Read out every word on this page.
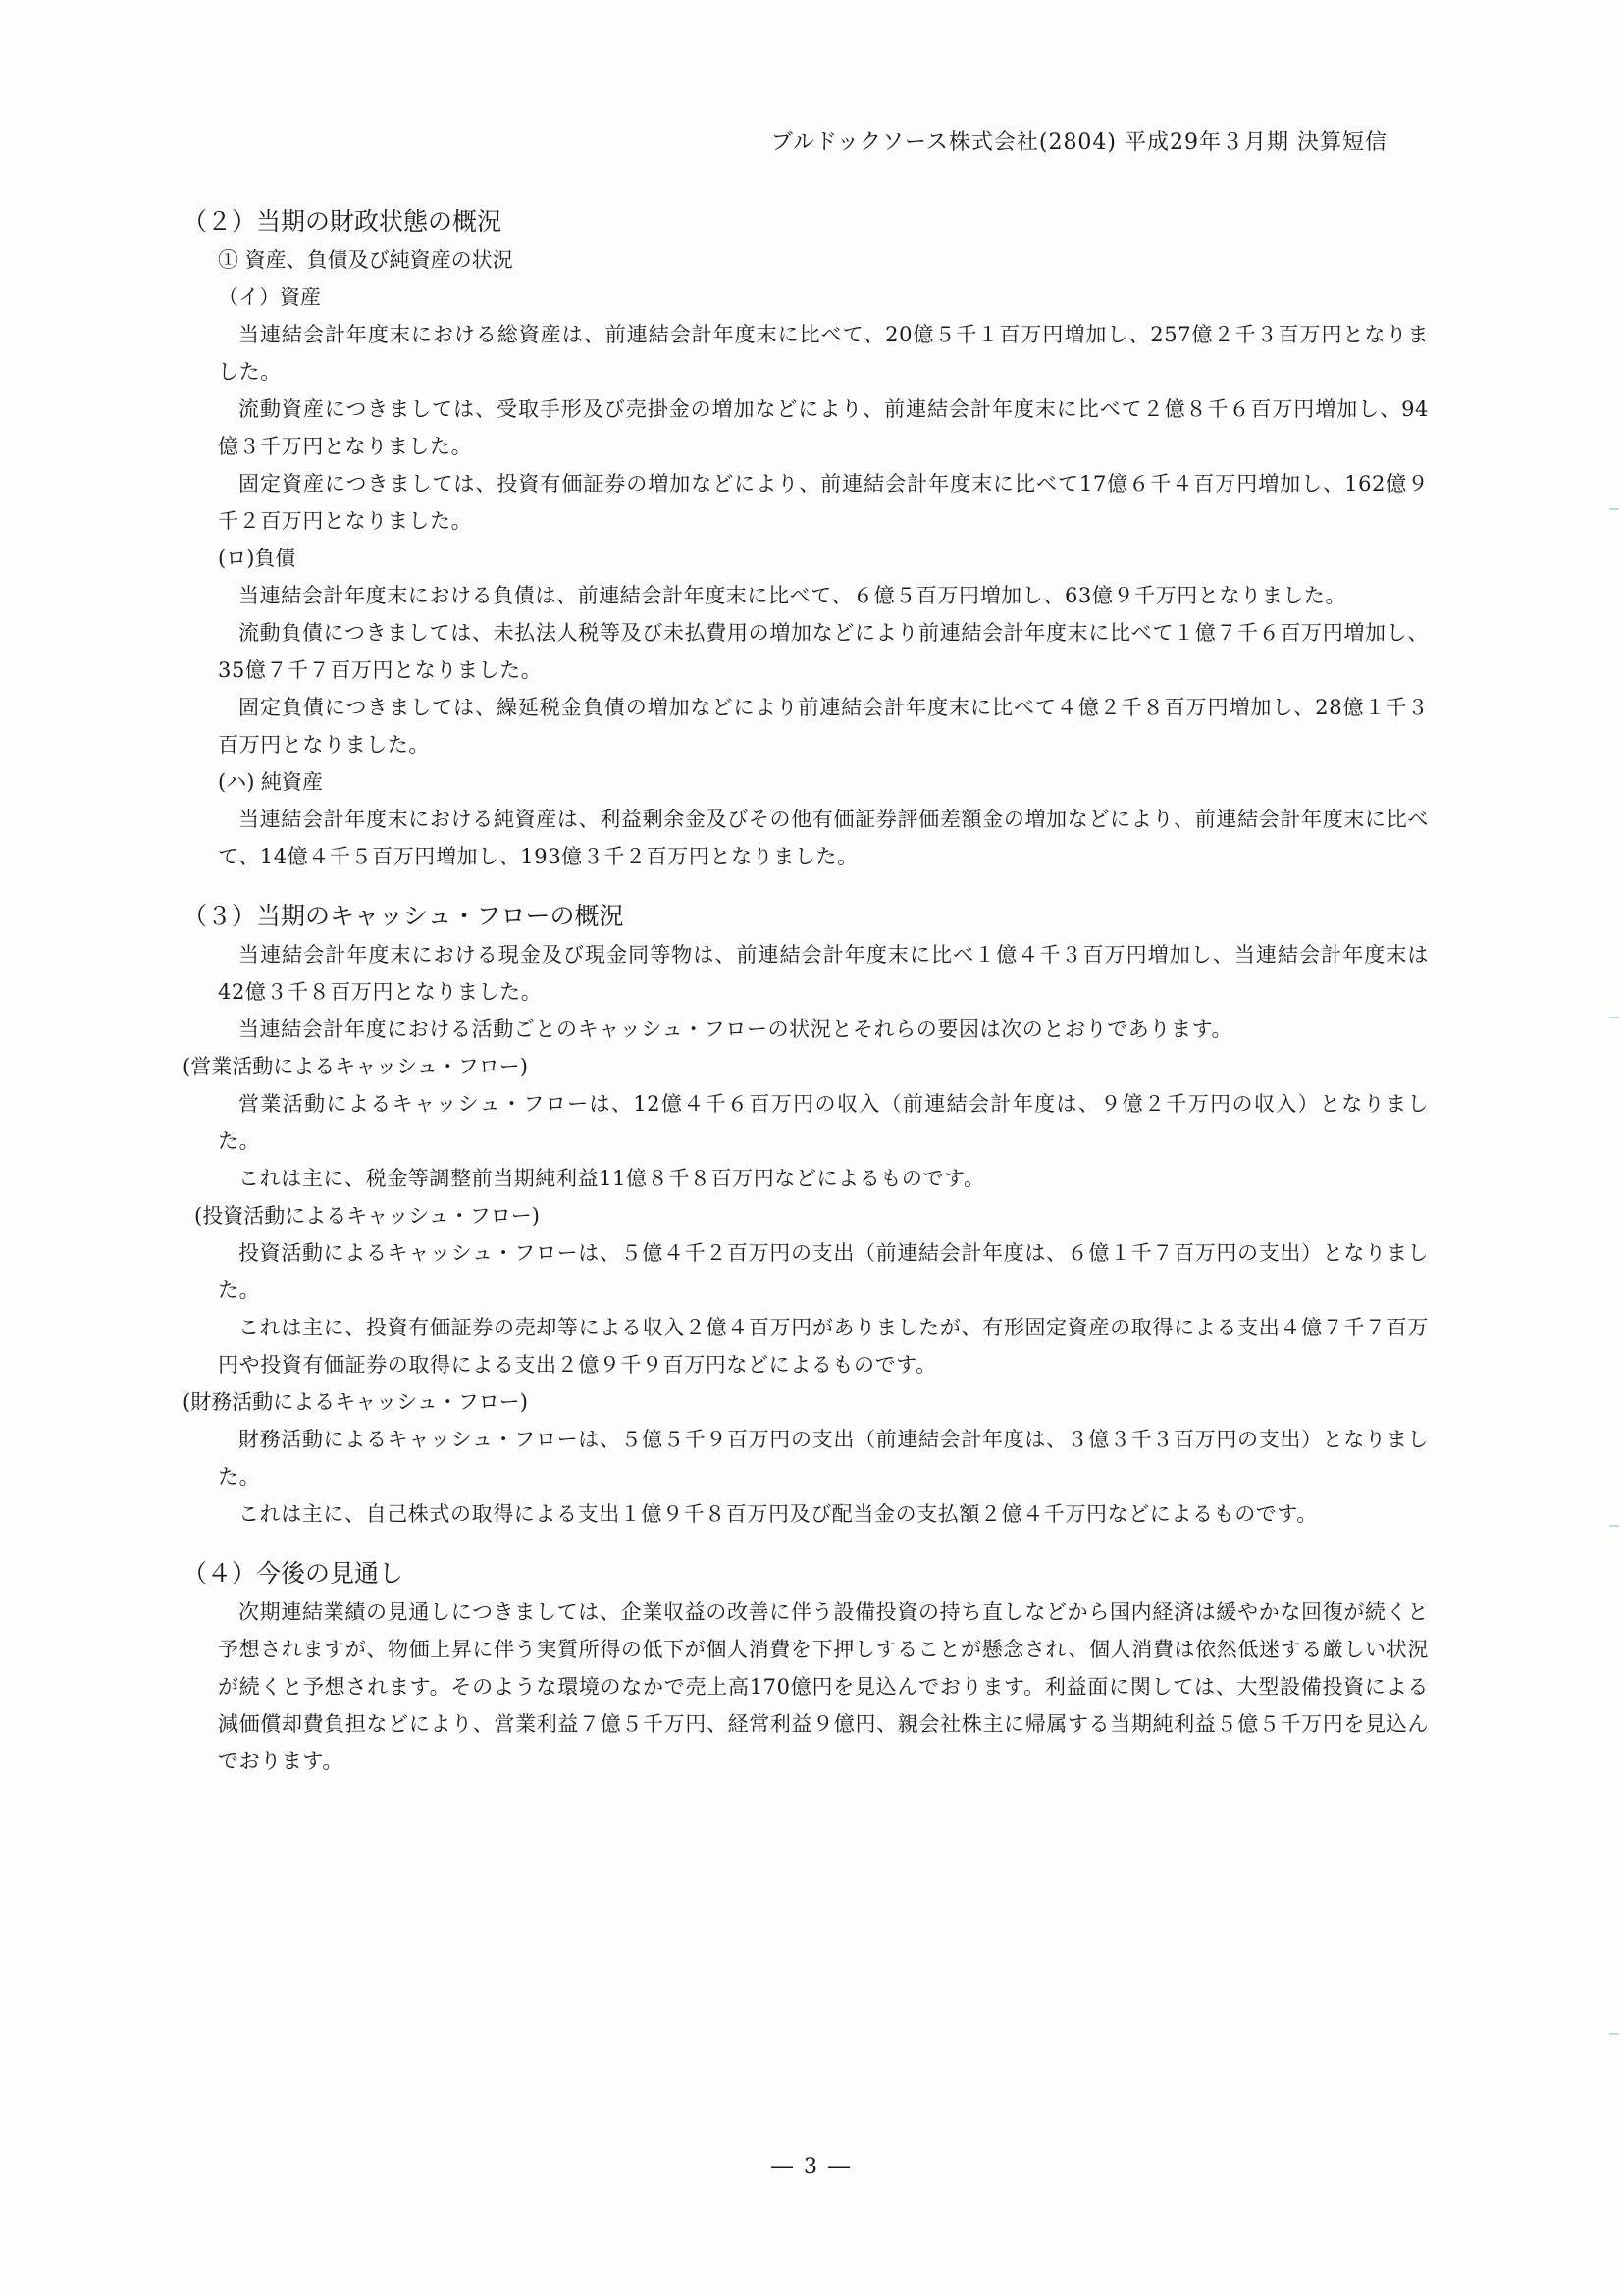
ブルドックソース株式会社(2804) 平成29年３月期 決算短信

（２）当期の財政状態の概況

① 資産、負債及び純資産の状況

（イ）資産

当連結会計年度末における総資産は、前連結会計年度末に比べて、20億５千１百万円増加し、257億２千３百万円となりました。

流動資産につきましては、受取手形及び売掛金の増加などにより、前連結会計年度末に比べて２億８千６百万円増加し、94億３千万円となりました。

固定資産につきましては、投資有価証券の増加などにより、前連結会計年度末に比べて17億６千４百万円増加し、162億９千２百万円となりました。

(ロ)負債

当連結会計年度末における負債は、前連結会計年度末に比べて、６億５百万円増加し、63億９千万円となりました。

流動負債につきましては、未払法人税等及び未払費用の増加などにより前連結会計年度末に比べて１億７千６百万円増加し、35億７千７百万円となりました。

固定負債につきましては、繰延税金負債の増加などにより前連結会計年度末に比べて４億２千８百万円増加し、28億１千３百万円となりました。

(ハ) 純資産

当連結会計年度末における純資産は、利益剰余金及びその他有価証券評価差額金の増加などにより、前連結会計年度末に比べて、14億４千５百万円増加し、193億３千２百万円となりました。

（３）当期のキャッシュ・フローの概況

当連結会計年度末における現金及び現金同等物は、前連結会計年度末に比べ１億４千３百万円増加し、当連結会計年度末は42億３千８百万円となりました。

当連結会計年度における活動ごとのキャッシュ・フローの状況とそれらの要因は次のとおりであります。

(営業活動によるキャッシュ・フロー)

営業活動によるキャッシュ・フローは、12億４千６百万円の収入（前連結会計年度は、９億２千万円の収入）となりました。

これは主に、税金等調整前当期純利益11億８千８百万円などによるものです。

(投資活動によるキャッシュ・フロー)

投資活動によるキャッシュ・フローは、５億４千２百万円の支出（前連結会計年度は、６億１千７百万円の支出）となりました。

これは主に、投資有価証券の売却等による収入２億４百万円がありましたが、有形固定資産の取得による支出４億７千７百万円や投資有価証券の取得による支出２億９千９百万円などによるものです。

(財務活動によるキャッシュ・フロー)

財務活動によるキャッシュ・フローは、５億５千９百万円の支出（前連結会計年度は、３億３千３百万円の支出）となりました。

これは主に、自己株式の取得による支出１億９千８百万円及び配当金の支払額２億４千万円などによるものです。

（４）今後の見通し

次期連結業績の見通しにつきましては、企業収益の改善に伴う設備投資の持ち直しなどから国内経済は緩やかな回復が続くと予想されますが、物価上昇に伴う実質所得の低下が個人消費を下押しすることが懸念され、個人消費は依然低迷する厳しい状況が続くと予想されます。そのような環境のなかで売上高170億円を見込んでおります。利益面に関しては、大型設備投資による減価償却費負担などにより、営業利益７億５千万円、経常利益９億円、親会社株主に帰属する当期純利益５億５千万円を見込んでおります。

― 3 ―
